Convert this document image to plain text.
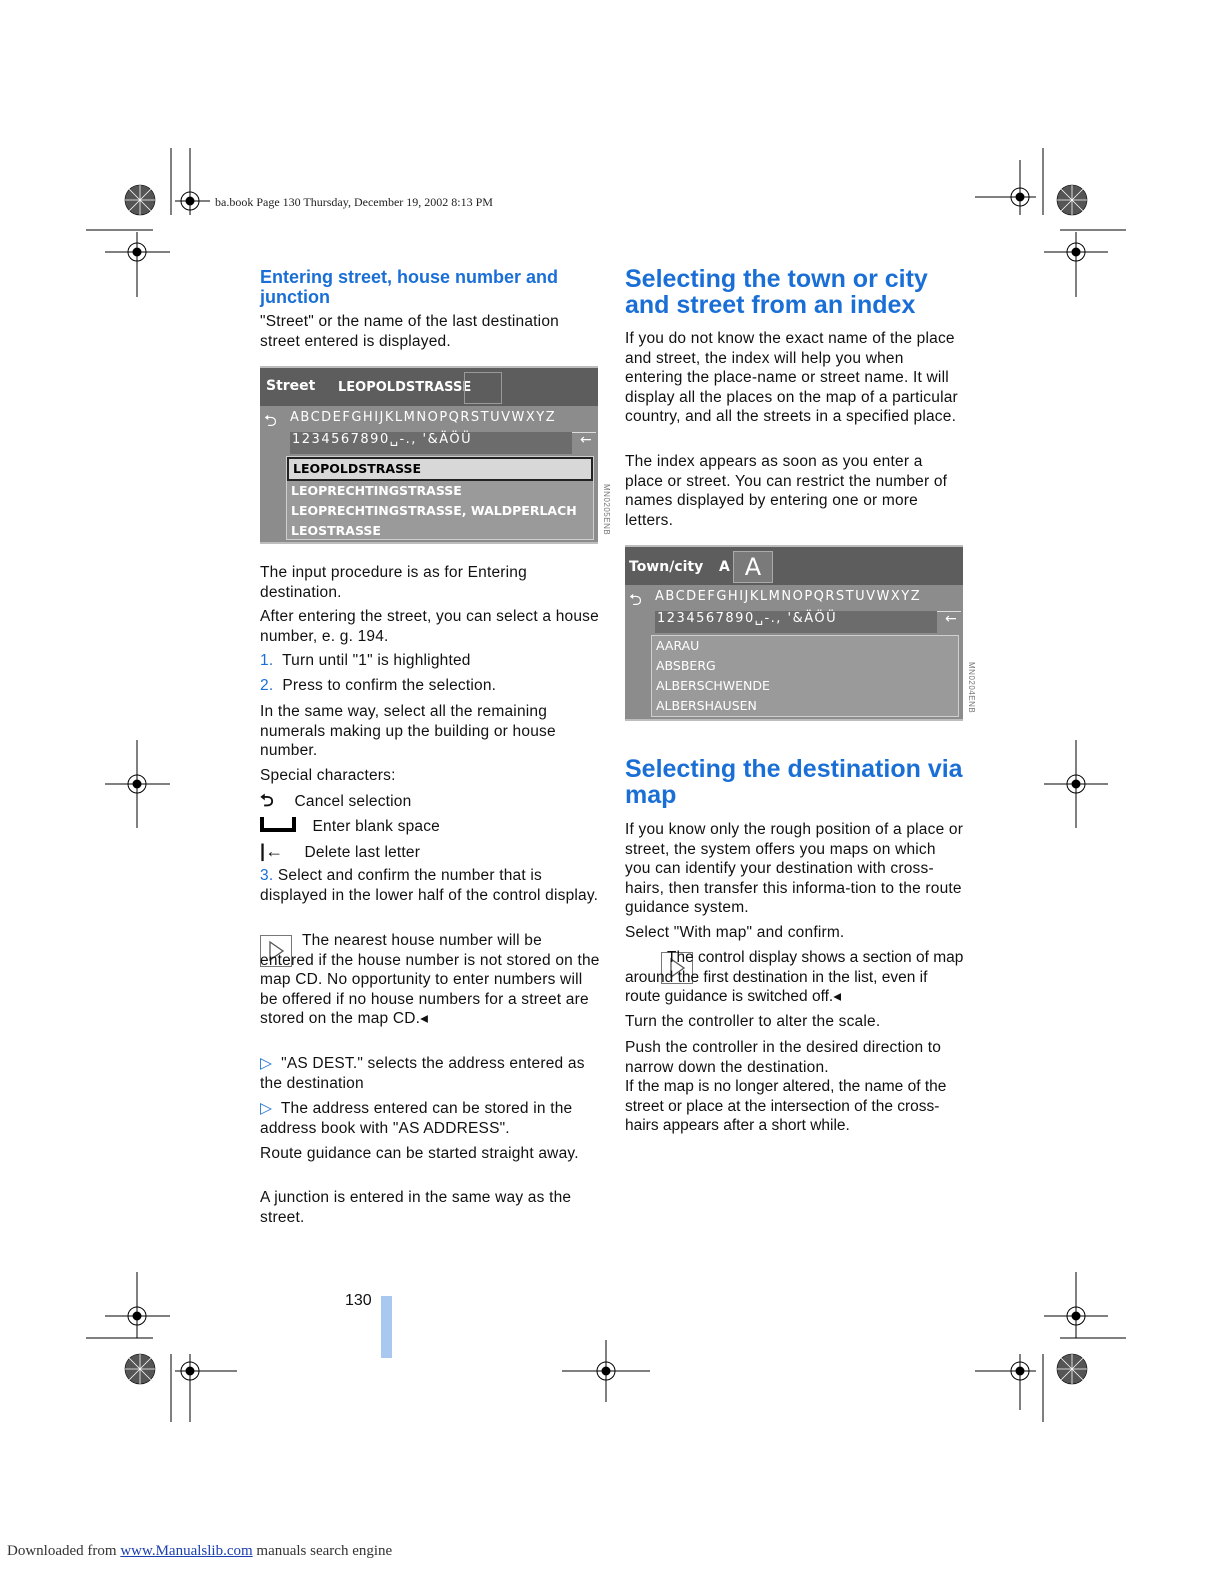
ba.book Page 130 Thursday, December 19, 2002 8:13 PM
Entering street, house number and junction

"Street" or the name of the last destination street entered is displayed.

Street LEOPOLDSTRASSE
⮌ ABCDEFGHIJKLMNOPQRSTUVWXYZ
1234567890␣-., '&ÄÖÜ	←
LEOPOLDSTRASSE
LEOPRECHTINGSTRASSE
LEOPRECHTINGSTRASSE, WALDPERLACH
LEOSTRASSE	MN0205ENB

The input procedure is as for Entering destination.

After entering the street, you can select a house number, e. g. 194.

1. Turn until "1" is highlighted

2. Press to confirm the selection.

In the same way, select all the remaining numerals making up the building or house number.

Special characters:

⮌ Cancel selection
Enter blank space
|← Delete last letter

3. Select and confirm the number that is displayed in the lower half of the control display.

The nearest house number will be entered if the house number is not stored on the map CD. No opportunity to enter numbers will be offered if no house numbers for a street are stored on the map CD.◂

▷ "AS DEST." selects the address entered as the destination

▷ The address entered can be stored in the address book with "AS ADDRESS".

Route guidance can be started straight away.

A junction is entered in the same way as the street.

Selecting the town or city and street from an index

If you do not know the exact name of the place and street, the index will help you when entering the place-name or street name. It will display all the places on the map of a particular country, and all the streets in a specified place.

The index appears as soon as you enter a place or street. You can restrict the number of names displayed by entering one or more letters.

Town/city A A
⮌ ABCDEFGHIJKLMNOPQRSTUVWXYZ
1234567890␣-., '&ÄÖÜ	←
AARAU
ABSBERG
ALBERSCHWENDE
ALBERSHAUSEN	MN0204ENB
Selecting the destination via map

If you know only the rough position of a place or street, the system offers you maps on which you can identify your destination with cross-hairs, then transfer this informa-tion to the route guidance system.

Select "With map" and confirm.

The control display shows a section of map around the first destination in the list, even if route guidance is switched off.◂

Turn the controller to alter the scale.

Push the controller in the desired direction to narrow down the destination.

If the map is no longer altered, the name of the street or place at the intersection of the cross-hairs appears after a short while.

130
Downloaded from www.Manualslib.com manuals search engine
